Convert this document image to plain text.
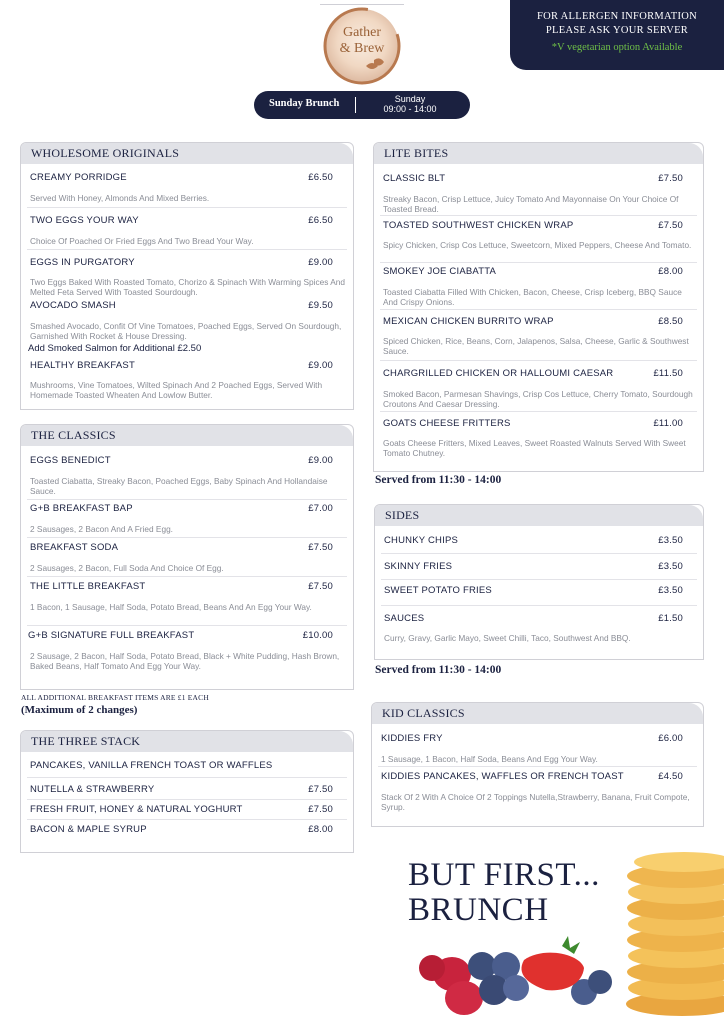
Gather
& Brew
FOR ALLERGEN INFORMATION
PLEASE ASK YOUR SERVER
*V vegetarian option Available
Sunday Brunch	Sunday
09:00 - 14:00
WHOLESOME ORIGINALS
CREAMY PORRIDGE	£6.50
Served With Honey, Almonds And Mixed Berries.
TWO EGGS YOUR WAY	£6.50
Choice Of Poached Or Fried Eggs And Two Bread Your Way.
EGGS IN PURGATORY	£9.00
Two Eggs Baked With Roasted Tomato, Chorizo & Spinach With Warming Spices And Melted Feta Served With Toasted Sourdough.
AVOCADO SMASH	£9.50
Smashed Avocado, Confit Of Vine Tomatoes, Poached Eggs, Served On Sourdough, Garnished With Rocket & House Dressing.
Add Smoked Salmon for Additional £2.50
HEALTHY BREAKFAST	£9.00
Mushrooms, Vine Tomatoes, Wilted Spinach And 2 Poached Eggs, Served With Homemade Toasted Wheaten And Lowlow Butter.
THE CLASSICS
EGGS BENEDICT	£9.00
Toasted Ciabatta, Streaky Bacon, Poached Eggs, Baby Spinach And Hollandaise Sauce.
G+B BREAKFAST BAP	£7.00
2 Sausages, 2 Bacon And A Fried Egg.
BREAKFAST SODA	£7.50
2 Sausages, 2 Bacon, Full Soda And Choice Of Egg.
THE LITTLE BREAKFAST	£7.50
1 Bacon, 1 Sausage, Half Soda, Potato Bread, Beans And An Egg Your Way.
G+B SIGNATURE FULL BREAKFAST	£10.00
2 Sausage, 2 Bacon, Half Soda, Potato Bread, Black + White Pudding, Hash Brown, Baked Beans, Half Tomato And Egg Your Way.
ALL ADDITIONAL BREAKFAST ITEMS ARE £1 EACH
(Maximum of 2 changes)
THE THREE STACK
PANCAKES, VANILLA FRENCH TOAST OR WAFFLES
NUTELLA & STRAWBERRY	£7.50
FRESH FRUIT, HONEY & NATURAL YOGHURT	£7.50
BACON & MAPLE SYRUP	£8.00
LITE BITES
CLASSIC BLT	£7.50
Streaky Bacon, Crisp Lettuce, Juicy Tomato And Mayonnaise On Your Choice Of Toasted Bread.
TOASTED SOUTHWEST CHICKEN WRAP	£7.50
Spicy Chicken, Crisp Cos Lettuce, Sweetcorn, Mixed Peppers, Cheese And Tomato.
SMOKEY JOE CIABATTA	£8.00
Toasted Ciabatta Filled With Chicken, Bacon, Cheese, Crisp Iceberg, BBQ Sauce And Crispy Onions.
MEXICAN CHICKEN BURRITO WRAP	£8.50
Spiced Chicken, Rice, Beans, Corn, Jalapenos, Salsa, Cheese, Garlic & Southwest Sauce.
CHARGRILLED CHICKEN OR HALLOUMI CAESAR	£11.50
Smoked Bacon, Parmesan Shavings, Crisp Cos Lettuce, Cherry Tomato, Sourdough Croutons And Caesar Dressing.
GOATS CHEESE FRITTERS	£11.00
Goats Cheese Fritters, Mixed Leaves, Sweet Roasted Walnuts Served With Sweet Tomato Chutney.
Served from 11:30 - 14:00
SIDES
CHUNKY CHIPS	£3.50
SKINNY FRIES	£3.50
SWEET POTATO FRIES	£3.50
SAUCES	£1.50
Curry, Gravy, Garlic Mayo, Sweet Chilli, Taco, Southwest And BBQ.
Served from 11:30 - 14:00
KID CLASSICS
KIDDIES FRY	£6.00
1 Sausage, 1 Bacon, Half Soda, Beans And Egg Your Way.
KIDDIES PANCAKES, WAFFLES OR FRENCH TOAST	£4.50
Stack Of 2 With A Choice Of 2 Toppings Nutella,Strawberry, Banana, Fruit Compote, Syrup.
BUT FIRST...
BRUNCH
